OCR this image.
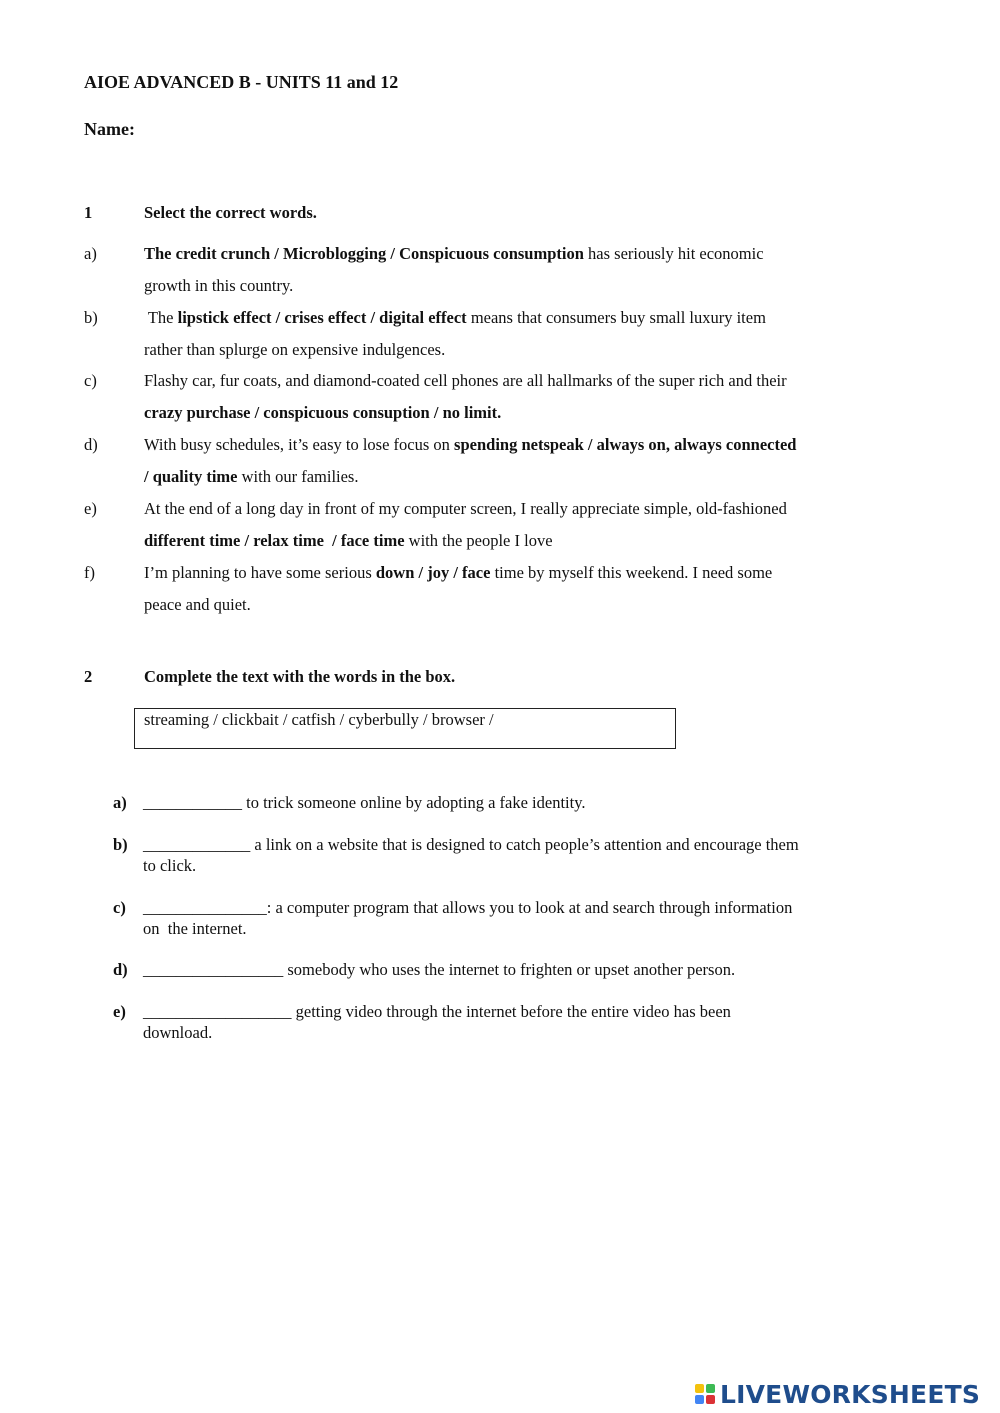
AIOE ADVANCED B - UNITS 11 and 12
Name:
1	Select the correct words.
a)	The credit crunch / Microblogging / Conspicuous consumption has seriously hit economic
growth in this country.
b)	The lipstick effect / crises effect / digital effect means that consumers buy small luxury item
rather than splurge on expensive indulgences.
c)	Flashy car, fur coats, and diamond-coated cell phones are all hallmarks of the super rich and their
crazy purchase / conspicuous consuption / no limit.
d)	With busy schedules, it’s easy to lose focus on spending netspeak / always on, always connected
/ quality time with our families.
e)	At the end of a long day in front of my computer screen, I really appreciate simple, old-fashioned
different time / relax time  / face time with the people I love
f)	I’m planning to have some serious down / joy / face time by myself this weekend. I need some
peace and quiet.
2	Complete the text with the words in the box.
streaming / clickbait / catfish / cyberbully / browser /
a) ____________ to trick someone online by adopting a fake identity.
b) _____________ a link on a website that is designed to catch people’s attention and encourage them
to click.
c) _______________: a computer program that allows you to look at and search through information
on  the internet.
d) _________________ somebody who uses the internet to frighten or upset another person.
e) __________________ getting video through the internet before the entire video has been
download.
LIVEWORKSHEETS
